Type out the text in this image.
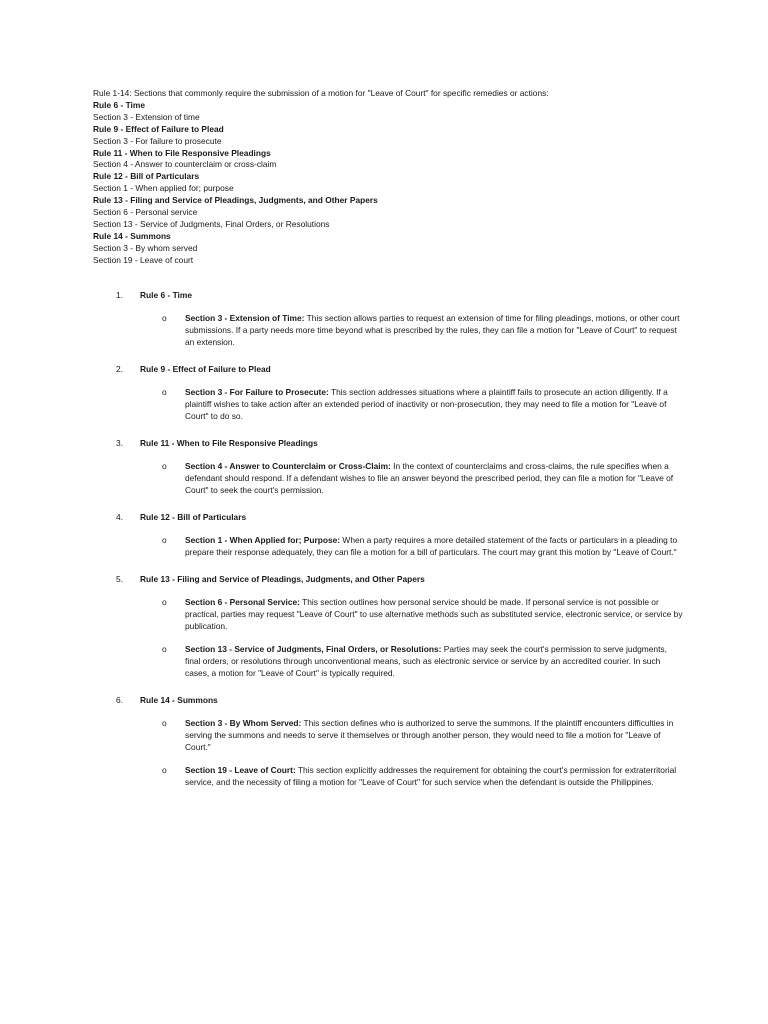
Rule 1-14: Sections that commonly require the submission of a motion for "Leave of Court" for specific remedies or actions:
Rule 6 - Time
Section 3 - Extension of time
Rule 9 - Effect of Failure to Plead
Section 3 - For failure to prosecute
Rule 11 - When to File Responsive Pleadings
Section 4 - Answer to counterclaim or cross-claim
Rule 12 - Bill of Particulars
Section 1 - When applied for; purpose
Rule 13 - Filing and Service of Pleadings, Judgments, and Other Papers
Section 6 - Personal service
Section 13 - Service of Judgments, Final Orders, or Resolutions
Rule 14 - Summons
Section 3 - By whom served
Section 19 - Leave of court
1. Rule 6 - Time
o Section 3 - Extension of Time: This section allows parties to request an extension of time for filing pleadings, motions, or other court submissions. If a party needs more time beyond what is prescribed by the rules, they can file a motion for "Leave of Court" to request an extension.
2. Rule 9 - Effect of Failure to Plead
o Section 3 - For Failure to Prosecute: This section addresses situations where a plaintiff fails to prosecute an action diligently. If a plaintiff wishes to take action after an extended period of inactivity or non-prosecution, they may need to file a motion for "Leave of Court" to do so.
3. Rule 11 - When to File Responsive Pleadings
o Section 4 - Answer to Counterclaim or Cross-Claim: In the context of counterclaims and cross-claims, the rule specifies when a defendant should respond. If a defendant wishes to file an answer beyond the prescribed period, they can file a motion for "Leave of Court" to seek the court's permission.
4. Rule 12 - Bill of Particulars
o Section 1 - When Applied for; Purpose: When a party requires a more detailed statement of the facts or particulars in a pleading to prepare their response adequately, they can file a motion for a bill of particulars. The court may grant this motion by "Leave of Court."
5. Rule 13 - Filing and Service of Pleadings, Judgments, and Other Papers
o Section 6 - Personal Service: This section outlines how personal service should be made. If personal service is not possible or practical, parties may request "Leave of Court" to use alternative methods such as substituted service, electronic service, or service by publication.
o Section 13 - Service of Judgments, Final Orders, or Resolutions: Parties may seek the court's permission to serve judgments, final orders, or resolutions through unconventional means, such as electronic service or service by an accredited courier. In such cases, a motion for "Leave of Court" is typically required.
6. Rule 14 - Summons
o Section 3 - By Whom Served: This section defines who is authorized to serve the summons. If the plaintiff encounters difficulties in serving the summons and needs to serve it themselves or through another person, they would need to file a motion for "Leave of Court."
o Section 19 - Leave of Court: This section explicitly addresses the requirement for obtaining the court's permission for extraterritorial service, and the necessity of filing a motion for "Leave of Court" for such service when the defendant is outside the Philippines.
